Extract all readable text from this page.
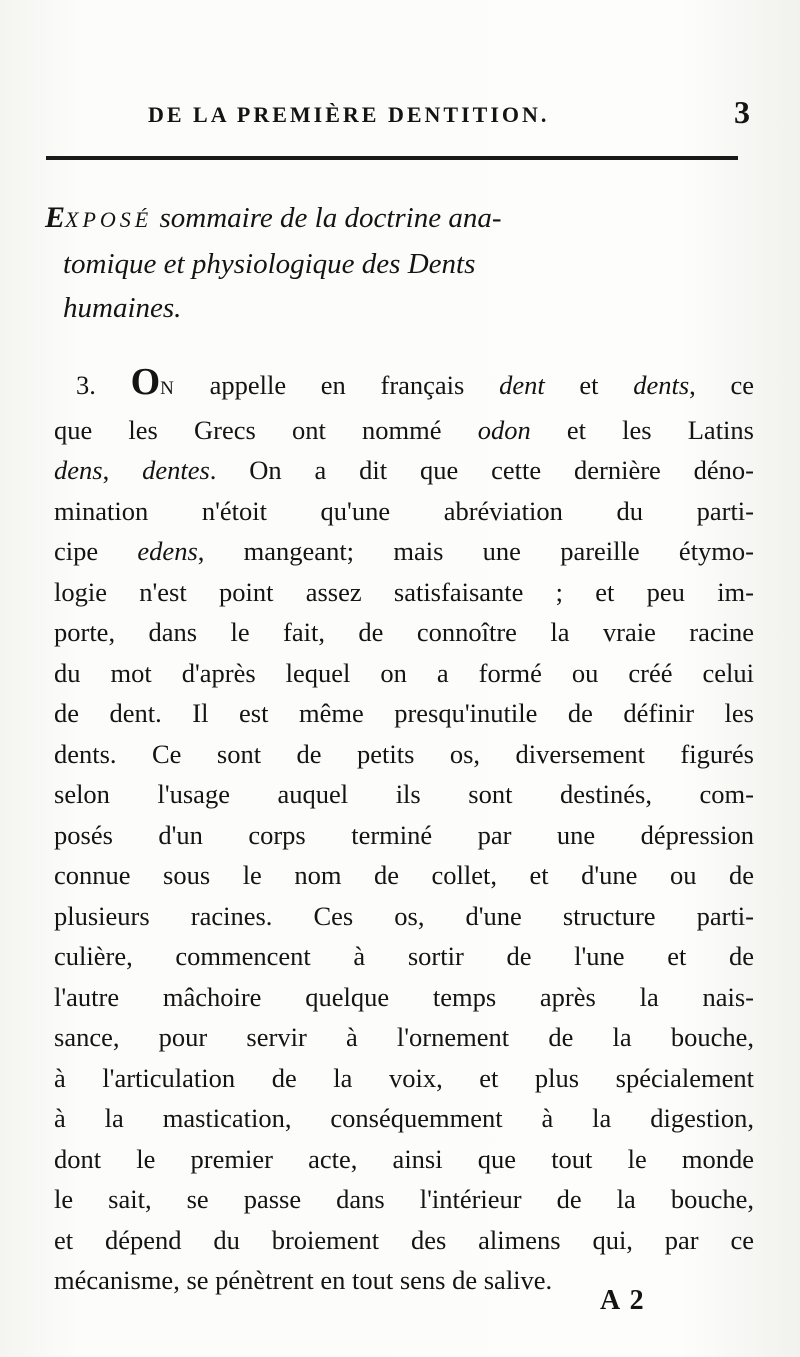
DE LA PREMIÈRE DENTITION.	3
EXPOSÉ sommaire de la doctrine ana-
tomique et physiologique des Dents
humaines.
3. ON appelle en français dent et dents, ce
que les Grecs ont nommé odon et les Latins
dens, dentes. On a dit que cette dernière déno-
mination n'étoit qu'une abréviation du parti-
cipe edens, mangeant; mais une pareille étymo-
logie n'est point assez satisfaisante ; et peu im-
porte, dans le fait, de connoître la vraie racine
du mot d'après lequel on a formé ou créé celui
de dent. Il est même presqu'inutile de définir les
dents. Ce sont de petits os, diversement figurés
selon l'usage auquel ils sont destinés, com-
posés d'un corps terminé par une dépression
connue sous le nom de collet, et d'une ou de
plusieurs racines. Ces os, d'une structure parti-
culière, commencent à sortir de l'une et de
l'autre mâchoire quelque temps après la nais-
sance, pour servir à l'ornement de la bouche,
à l'articulation de la voix, et plus spécialement
à la mastication, conséquemment à la digestion,
dont le premier acte, ainsi que tout le monde
le sait, se passe dans l'intérieur de la bouche,
et dépend du broiement des alimens qui, par ce
mécanisme, se pénètrent en tout sens de salive.
A 2
